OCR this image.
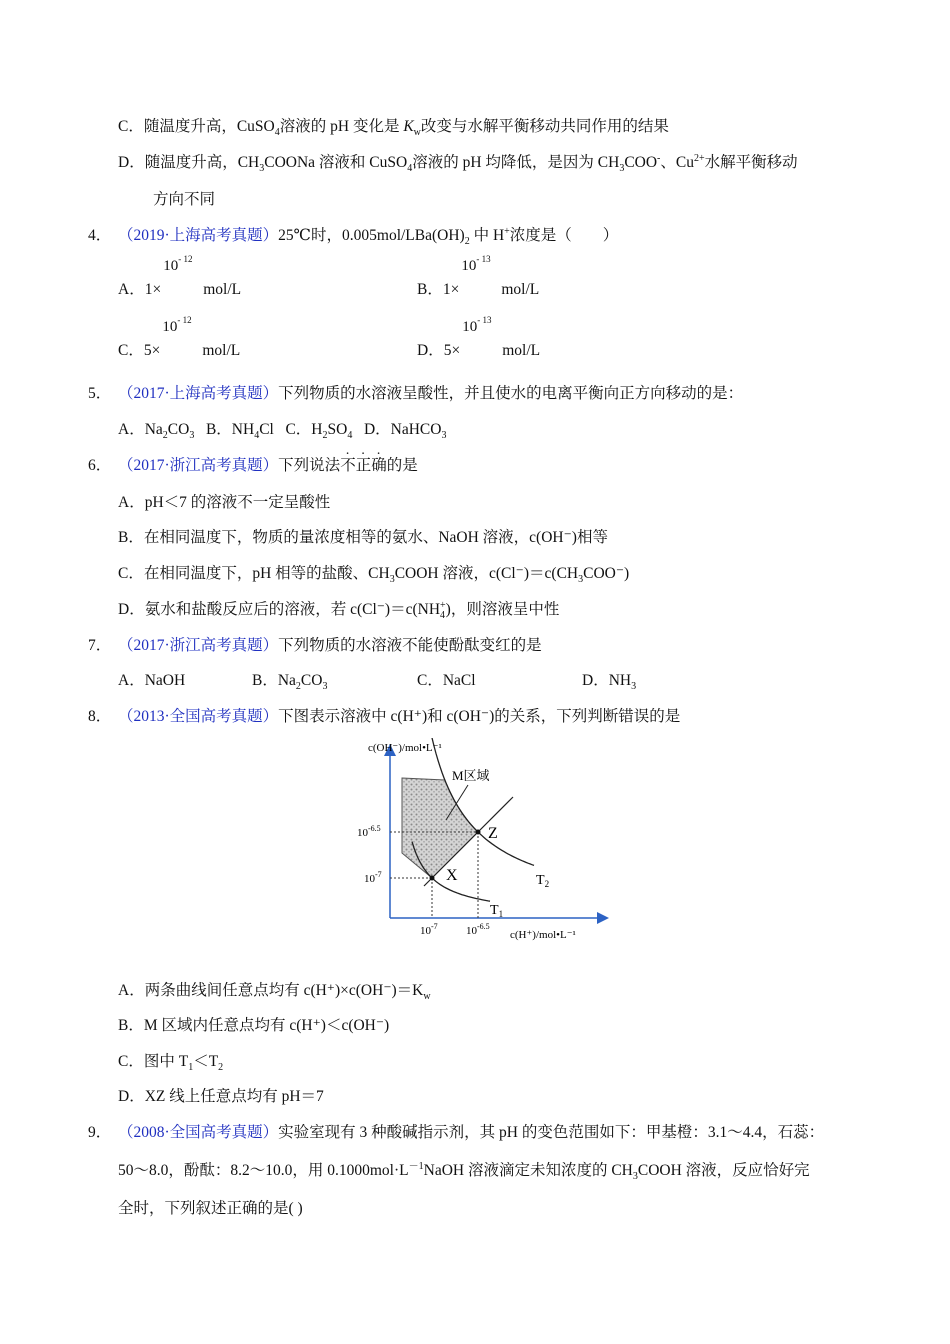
C．随温度升高，CuSO$_4$溶液的 pH 变化是 $K_w$改变与水解平衡移动共同作用的结果
D．随温度升高，$CH_3COONa$ 溶液和 CuSO$_4$溶液的 pH 均降低，是因为 $CH_3COO^-$、$Cu^{2+}$水解平衡移动
方向不同
4． （2019·上海高考真题）25℃时，$0.005mol/LBa(OH)_2$ 中 H+浓度是（　　）
A．1×
$10^{- 12}$
mol/L	B．1×
$10^{- 13}$
mol/L
C．5×
$10^{- 12}$
mol/L	D．5×
$10^{- 13}$
mol/L
5． （2017·上海高考真题）下列物质的水溶液呈酸性，并且使水的电离平衡向正方向移动的是：
A．$Na_2CO_3$ B．$NH_4Cl$ C．$H_2SO_4$ D．NaHCO$_3$
6． （2017·浙江高考真题）下列说法不正确的是
A．pH＜7 的溶液不一定呈酸性
B．在相同温度下，物质的量浓度相等的氨水、NaOH 溶液，c(OH⁻)相等
C．在相同温度下，pH 相等的盐酸、$CH_3COOH$ 溶液，$c(Cl^-)=c(CH_3COO^-)$
D．氨水和盐酸反应后的溶液，若 $c(Cl^-)=c(NH_4^+)$，则溶液呈中性
7． （2017·浙江高考真题）下列物质的水溶液不能使酚酞变红的是
A．NaOH	B．$Na_2CO_3$	C．NaCl	D．$NH_3$
8． （2013·全国高考真题）下图表示溶液中 c(H⁺)和 c(OH⁻)的关系，下列判断错误的是
X
Z
M区域
$T_2$
$T_1$
$10^{-6.5}$
$10^{-7}$
$10^{-7}$	$10^{-6.5}$
c(OH⁻)/mol•L⁻¹
c(H⁺)/mol•L⁻¹
A．两条曲线间任意点均有 $c(H^+)\times c(OH^-)=K_w$
B．M 区域内任意点均有 c(H⁺)＜c(OH⁻)
C．图中 $T_1<T_2$
D．XZ 线上任意点均有 pH＝7
9． （2008·全国高考真题）实验室现有 3 种酸碱指示剂，其 pH 的变色范围如下：甲基橙：3.1～4.4，石蕊：
50～8.0，酚酞：8.2～10.0，用 $0.1000mol\cdot L^{-1}NaOH$ 溶液滴定未知浓度的 $CH_3COOH$ 溶液，反应恰好完
全时，下列叙述正确的是( )
